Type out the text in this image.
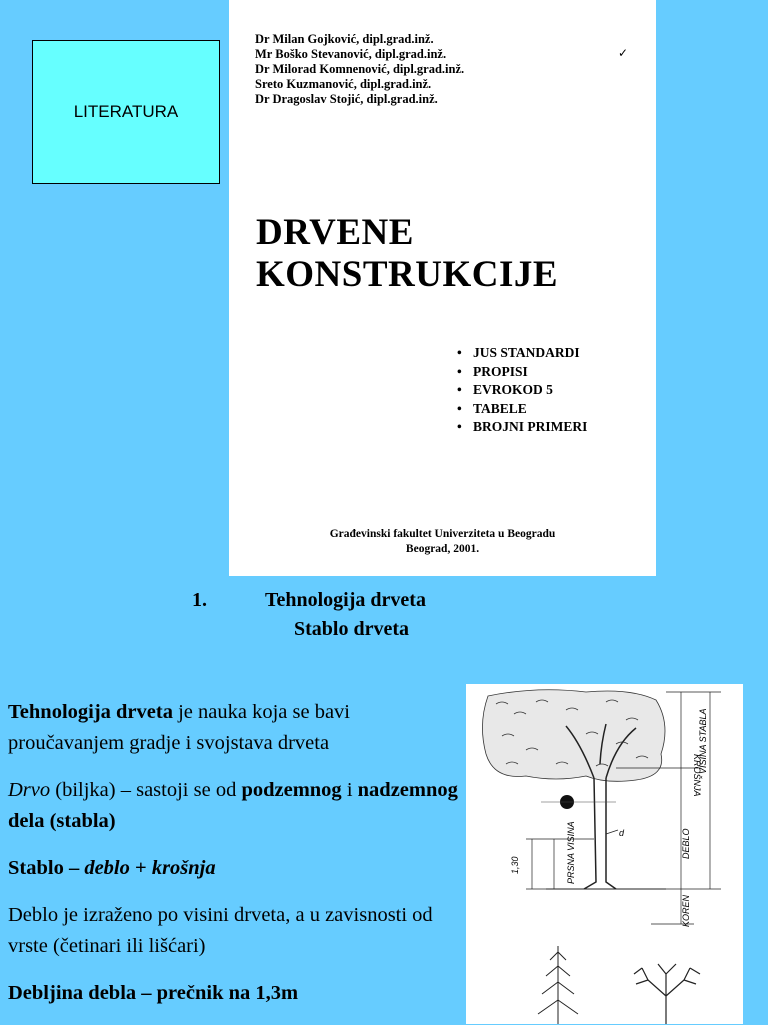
LITERATURA
Dr Milan Gojković, dipl.grad.inž.
Mr Boško Stevanović, dipl.grad.inž.
Dr Milorad Komnenović, dipl.grad.inž.
Sreto Kuzmanović, dipl.grad.inž.
Dr Dragoslav Stojić, dipl.grad.inž.
✓
DRVENE
KONSTRUKCIJE
• JUS STANDARDI
• PROPISI
• EVROKOD 5
• TABELE
• BROJNI PRIMERI
Građevinski fakultet Univerziteta u Beogradu
Beograd, 2001.
1.	Tehnologija drveta
Stablo drveta

Tehnologija drveta je nauka koja se bavi proučavanjem gradje i svojstava drveta

Drvo (biljka) – sastoji se od podzemnog i nadzemnog dela (stabla)

Stablo – deblo + krošnja

Deblo je izraženo po visini drveta, a u zavisnosti od vrste (četinari ili lišćari)

Debljina debla – prečnik na 1,3m

d
1,30	PRSNA VISINA
KROŠNJA
VISINA STABLA
DEBLO
KOREN
